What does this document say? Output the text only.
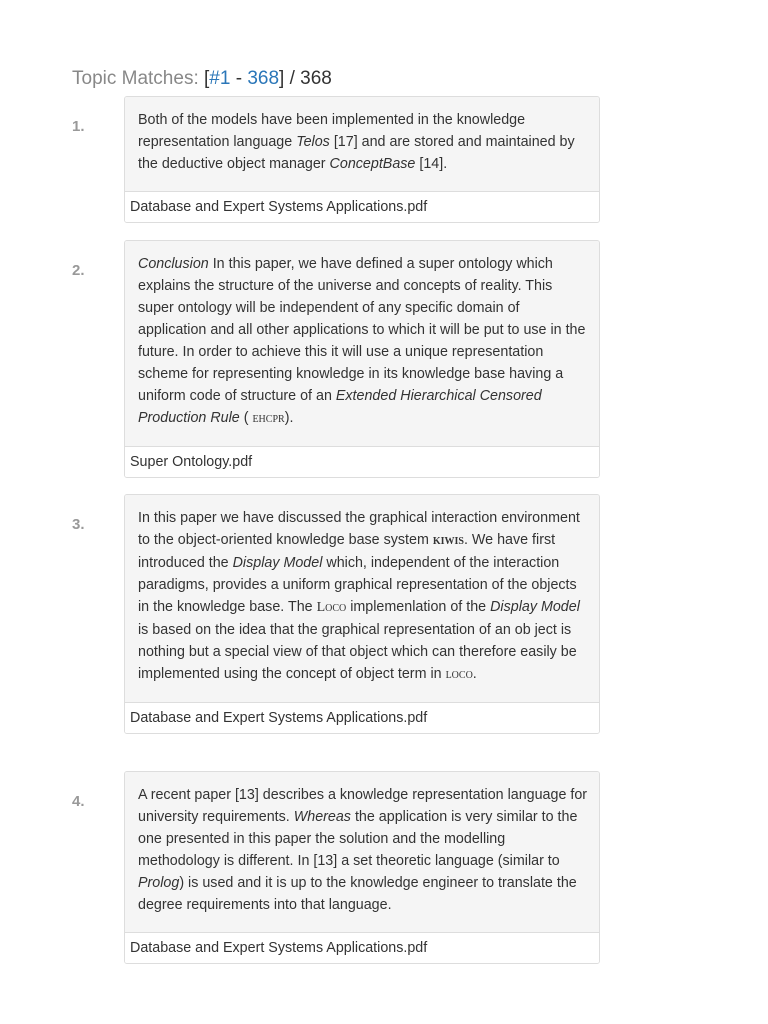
Topic Matches: [#1 - 368] / 368
1.	Both of the models have been implemented in the knowledge representation language Telos [17] and are stored and maintained by the deductive object manager ConceptBase [14].
Database and Expert Systems Applications.pdf
2.	Conclusion In this paper, we have defined a super ontology which explains the structure of the universe and concepts of reality. This super ontology will be independent of any specific domain of application and all other applications to which it will be put to use in the future. In order to achieve this it will use a unique representation scheme for representing knowledge in its knowledge base having a uniform code of structure of an Extended Hierarchical Censored Production Rule ( ehcpr).
Super Ontology.pdf
3.	In this paper we have discussed the graphical interaction environment to the object-oriented knowledge base system kiwis. We have first introduced the Display Model which, independent of the interaction paradigms, provides a uniform graphical representation of the objects in the knowledge base. The Loco implemenlation of the Display Model is based on the idea that the graphical representation of an ob ject is nothing but a special view of that object which can therefore easily be implemented using the concept of object term in loco.
Database and Expert Systems Applications.pdf
4.	A recent paper [13] describes a knowledge representation language for university requirements. Whereas the application is very similar to the one presented in this paper the solution and the modelling methodology is different. In [13] a set theoretic language (similar to Prolog) is used and it is up to the knowledge engineer to translate the degree requirements into that language.
Database and Expert Systems Applications.pdf
